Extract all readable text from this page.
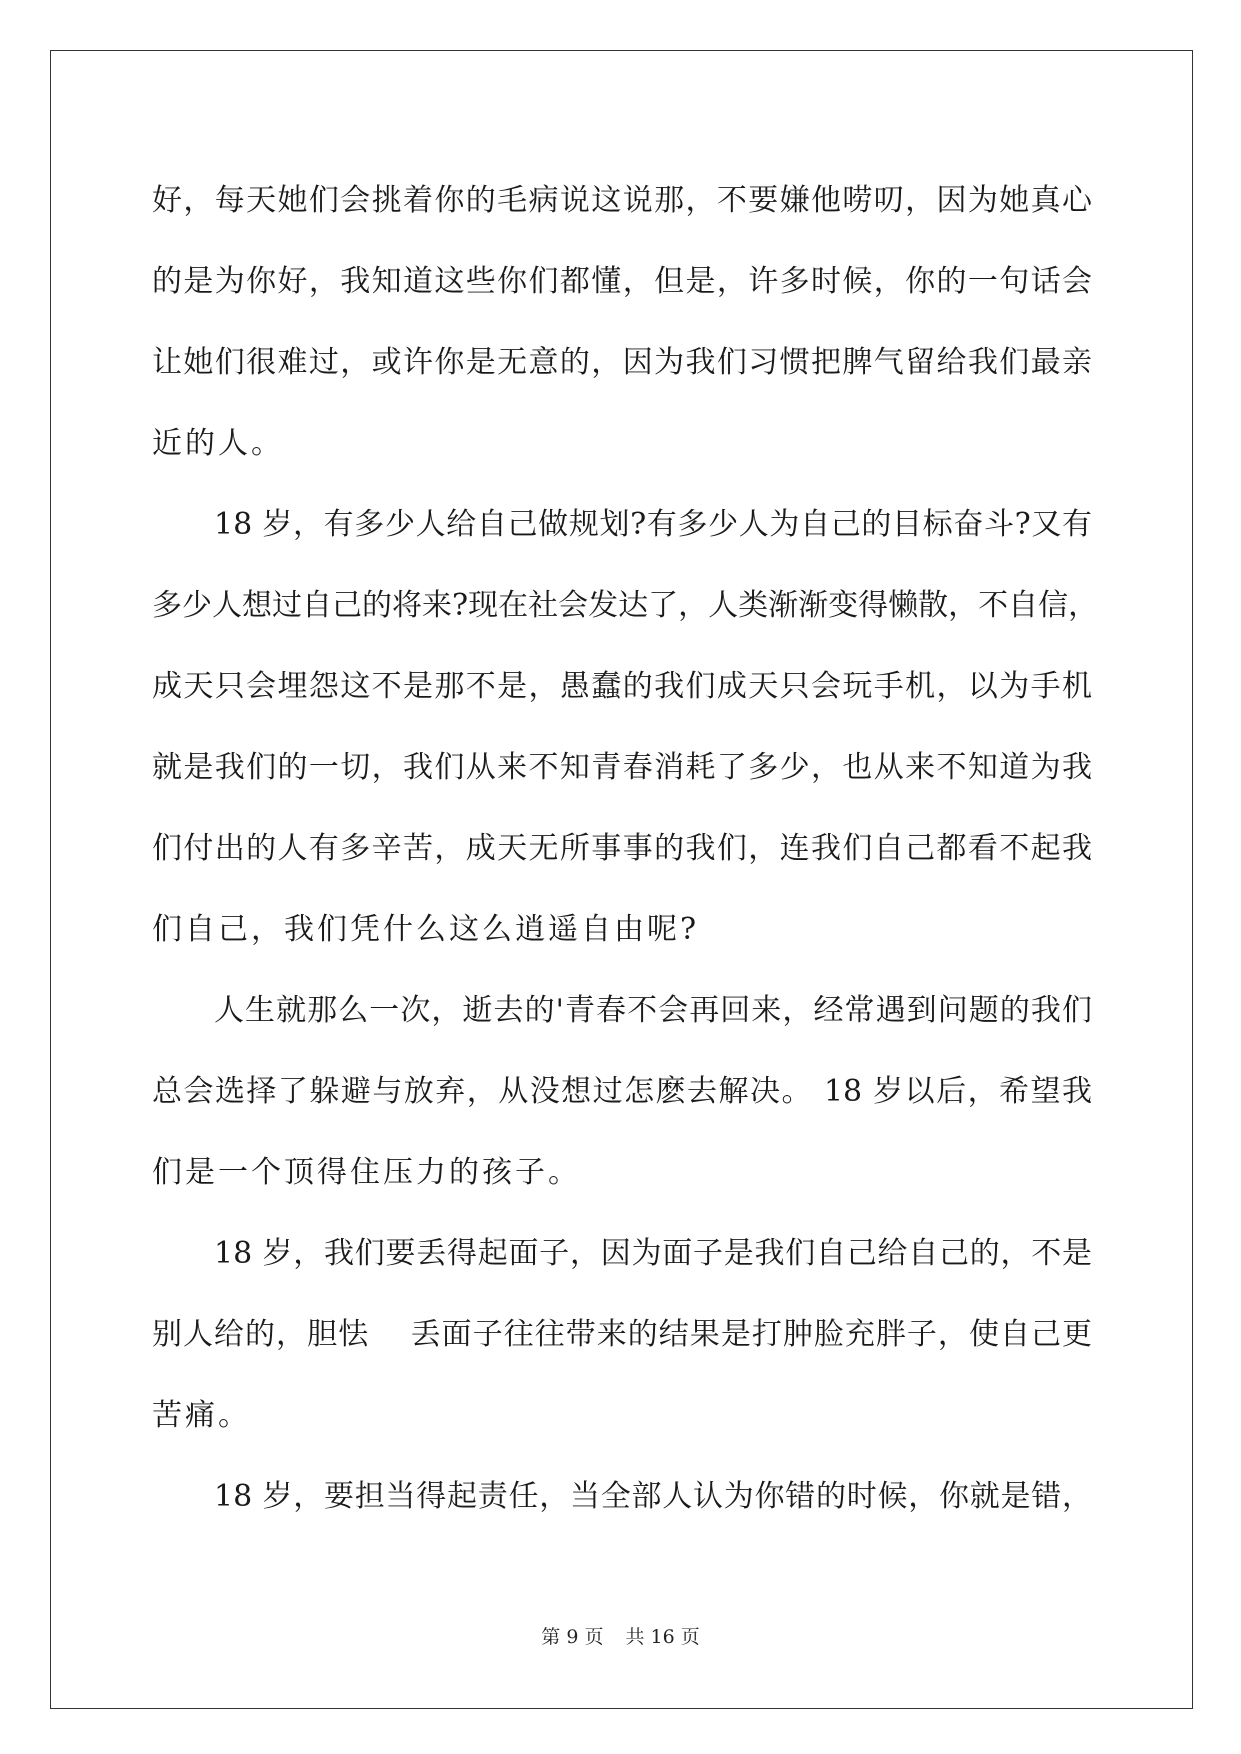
好，每天她们会挑着你的毛病说这说那，不要嫌他唠叨，因为她真心
的是为你好，我知道这些你们都懂，但是，许多时候，你的一句话会
让她们很难过，或许你是无意的，因为我们习惯把脾气留给我们最亲
近的人。
18 岁，有多少人给自己做规划?有多少人为自己的目标奋斗?又有
多少人想过自己的将来?现在社会发达了，人类渐渐变得懒散，不自信，
成天只会埋怨这不是那不是，愚蠢的我们成天只会玩手机，以为手机
就是我们的一切，我们从来不知青春消耗了多少，也从来不知道为我
们付出的人有多辛苦，成天无所事事的我们，连我们自己都看不起我
们自己，我们凭什么这么逍遥自由呢?
人生就那么一次，逝去的'青春不会再回来，经常遇到问题的我们
总会选择了躲避与放弃，从没想过怎麽去解决。 18 岁以后，希望我
们是一个顶得住压力的孩子。
18 岁，我们要丢得起面子，因为面子是我们自己给自己的，不是
别人给的，胆怯　 丢面子往往带来的结果是打肿脸充胖子，使自己更
苦痛。
18 岁，要担当得起责任，当全部人认为你错的时候，你就是错，
第 9 页 共 16 页
